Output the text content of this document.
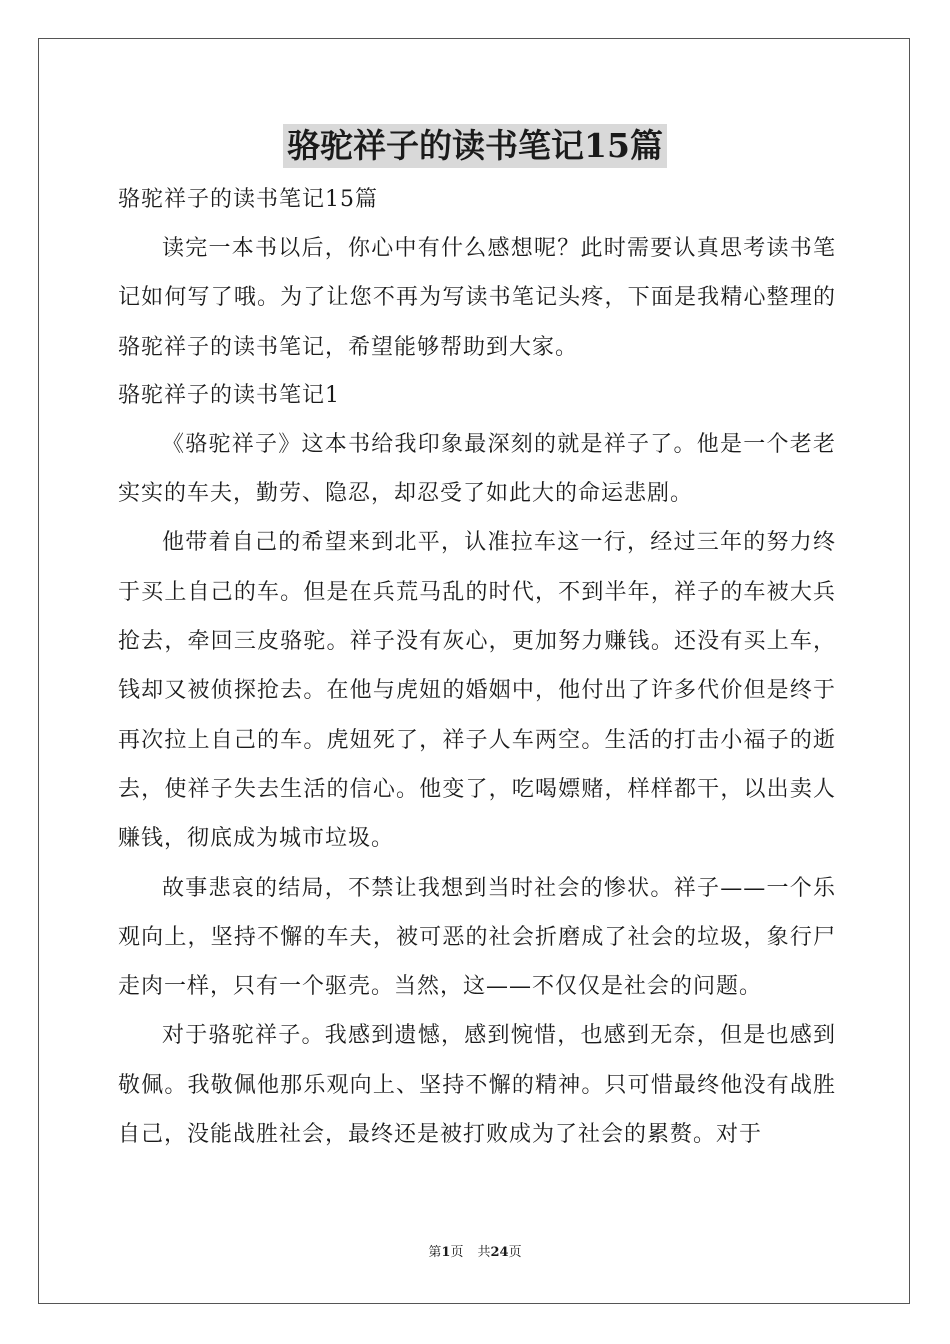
骆驼祥子的读书笔记15篇

骆驼祥子的读书笔记15篇

读完一本书以后，你心中有什么感想呢？此时需要认真思考读书笔记如何写了哦。为了让您不再为写读书笔记头疼，下面是我精心整理的骆驼祥子的读书笔记，希望能够帮助到大家。

骆驼祥子的读书笔记1

《骆驼祥子》这本书给我印象最深刻的就是祥子了。他是一个老老实实的车夫，勤劳、隐忍，却忍受了如此大的命运悲剧。

他带着自己的希望来到北平，认准拉车这一行，经过三年的努力终于买上自己的车。但是在兵荒马乱的时代，不到半年，祥子的车被大兵抢去，牵回三皮骆驼。祥子没有灰心，更加努力赚钱。还没有买上车，钱却又被侦探抢去。在他与虎妞的婚姻中，他付出了许多代价但是终于再次拉上自己的车。虎妞死了，祥子人车两空。生活的打击小福子的逝去，使祥子失去生活的信心。他变了，吃喝嫖赌，样样都干，以出卖人赚钱，彻底成为城市垃圾。

故事悲哀的结局，不禁让我想到当时社会的惨状。祥子——一个乐观向上，坚持不懈的车夫，被可恶的社会折磨成了社会的垃圾，象行尸走肉一样，只有一个驱壳。当然，这——不仅仅是社会的问题。

对于骆驼祥子。我感到遗憾，感到惋惜，也感到无奈，但是也感到敬佩。我敬佩他那乐观向上、坚持不懈的精神。只可惜最终他没有战胜自己，没能战胜社会，最终还是被打败成为了社会的累赘。对于

第1页 共24页
